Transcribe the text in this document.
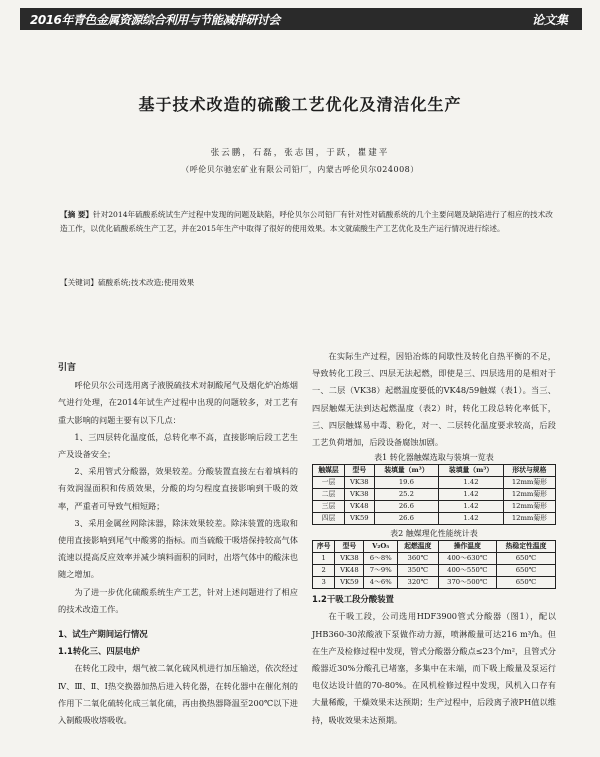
2016年青色金属资源综合利用与节能减排研讨会	论文集
基于技术改造的硫酸工艺优化及清洁化生产
张云鹏，石磊，张志国，于跃，瞿建平
（呼伦贝尔驰宏矿业有限公司铅厂，内蒙古呼伦贝尔024008）
【摘 要】针对2014年硫酸系统试生产过程中发现的问题及缺陷，呼伦贝尔公司铅厂有针对性对硫酸系统的几个主要问题及缺陷进行了相应的技术改造工作，以优化硫酸系统生产工艺，并在2015年生产中取得了很好的使用效果。本文就硫酸生产工艺优化及生产运行情况进行综述。
【关键词】硫酸系统;技术改造;使用效果
引言

呼伦贝尔公司选用离子液脱硫技术对制酸尾气及烟化炉冶炼烟气进行处理，在2014年试生产过程中出现的问题较多，对工艺有重大影响的问题主要有以下几点：

1、三四层转化温度低，总转化率不高，直接影响后段工艺生产及设备安全；

2、采用管式分酸器，效果较差。分酸装置直接左右着填料的有效润湿面积和传质效果，分酸的均匀程度直接影响到干吸的效率，严重者可导致气相短路；

3、采用金属丝网除沫器，除沫效果较差。除沫装置的选取和使用直接影响到尾气中酸雾的指标。而当硫酸干吸塔保持较高气体流速以提高反应效率并减少填料面积的同时，出塔气体中的酸沫也随之增加。

为了进一步优化硫酸系统生产工艺，针对上述问题进行了相应的技术改造工作。

1、试生产期间运行情况
1.1转化三、四层电炉

在转化工段中，烟气被二氧化硫风机进行加压输送，依次经过Ⅳ、Ⅲ、Ⅱ、Ⅰ热交换器加热后进入转化器，在转化器中在催化剂的作用下二氧化硫转化成三氧化硫，再由换热器降温至200℃以下进入制酸吸收塔吸收。

在实际生产过程，因铅冶炼的间歇性及转化自热平衡的不足，导致转化工段三、四层无法起燃，即使是三、四层选用的是相对于一、二层（VK38）起燃温度要低的VK48/59触媒（表1）。当三、四层触媒无法到达起燃温度（表2）时，转化工段总转化率低下，三、四层触媒易中毒、粉化，对一、二层转化温度要求较高，后段工艺负荷增加，后段设备腐蚀加剧。

表1 转化器触媒选取与装填一览表
触媒层	型号	装填量（m³）	装填量（m³）	形状与规格
一层	VK38	19.6	1.42	12mm菊形
二层	VK38	25.2	1.42	12mm菊形
三层	VK48	26.6	1.42	12mm菊形
四层	VK59	26.6	1.42	12mm菊形
表2 触媒理化性能统计表
序号	型号	V₂O₅	起燃温度	操作温度	热稳定性温度
1	VK38	6～8%	360℃	400～630℃	650℃
2	VK48	7～9%	350℃	400～550℃	650℃
3	VK59	4～6%	320℃	370～500℃	650℃
1.2干吸工段分酸装置

在干吸工段，公司选用HDF3900管式分酸器（图1），配以JHB360-30浓酸液下泵做作动力源，喷淋酸量可达216 m³/h。但在生产及检修过程中发现，管式分酸器分酸点≤23个/m²，且管式分酸器近30%分酸孔已堵塞，多集中在末端，而下吸上酸量及泵运行电仪达设计值的70-80%。在风机检修过程中发现，风机入口存有大量稀酸，干燥效果未达预期；生产过程中，后段离子液PH值以维持，吸收效果未达预期。
